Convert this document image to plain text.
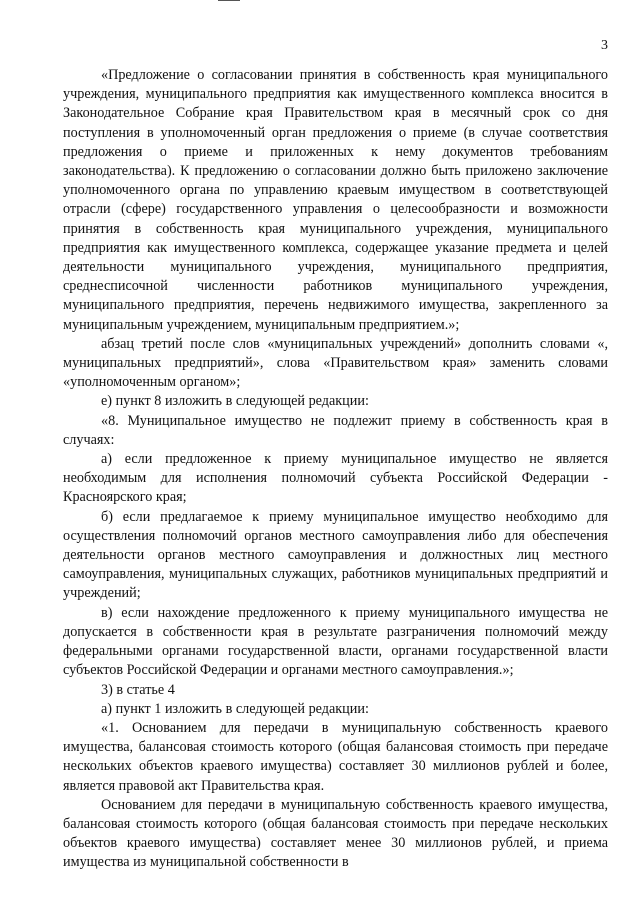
3

«Предложение о согласовании принятия в собственность края муниципального учреждения, муниципального предприятия как имущественного комплекса вносится в Законодательное Собрание края Правительством края в месячный срок со дня поступления в уполномоченный орган предложения о приеме (в случае соответствия предложения о приеме и приложенных к нему документов требованиям законодательства). К предложению о согласовании должно быть приложено заключение уполномоченного органа по управлению краевым имуществом в соответствующей отрасли (сфере) государственного управления о целесообразности и возможности принятия в собственность края муниципального учреждения, муниципального предприятия как имущественного комплекса, содержащее указание предмета и целей деятельности муниципального учреждения, муниципального предприятия, среднесписочной численности работников муниципального учреждения, муниципального предприятия, перечень недвижимого имущества, закрепленного за муниципальным учреждением, муниципальным предприятием.»;

абзац третий после слов «муниципальных учреждений» дополнить словами «, муниципальных предприятий», слова «Правительством края» заменить словами «уполномоченным органом»;

е) пункт 8 изложить в следующей редакции:

«8. Муниципальное имущество не подлежит приему в собственность края в случаях:

а) если предложенное к приему муниципальное имущество не является необходимым для исполнения полномочий субъекта Российской Федерации - Красноярского края;

б) если предлагаемое к приему муниципальное имущество необходимо для осуществления полномочий органов местного самоуправления либо для обеспечения деятельности органов местного самоуправления и должностных лиц местного самоуправления, муниципальных служащих, работников муниципальных предприятий и учреждений;

в) если нахождение предложенного к приему муниципального имущества не допускается в собственности края в результате разграничения полномочий между федеральными органами государственной власти, органами государственной власти субъектов Российской Федерации и органами местного самоуправления.»;

3) в статье 4

а) пункт 1 изложить в следующей редакции:

«1. Основанием для передачи в муниципальную собственность краевого имущества, балансовая стоимость которого (общая балансовая стоимость при передаче нескольких объектов краевого имущества) составляет 30 миллионов рублей и более, является правовой акт Правительства края.

Основанием для передачи в муниципальную собственность краевого имущества, балансовая стоимость которого (общая балансовая стоимость при передаче нескольких объектов краевого имущества) составляет менее 30 миллионов рублей, и приема имущества из муниципальной собственности в
